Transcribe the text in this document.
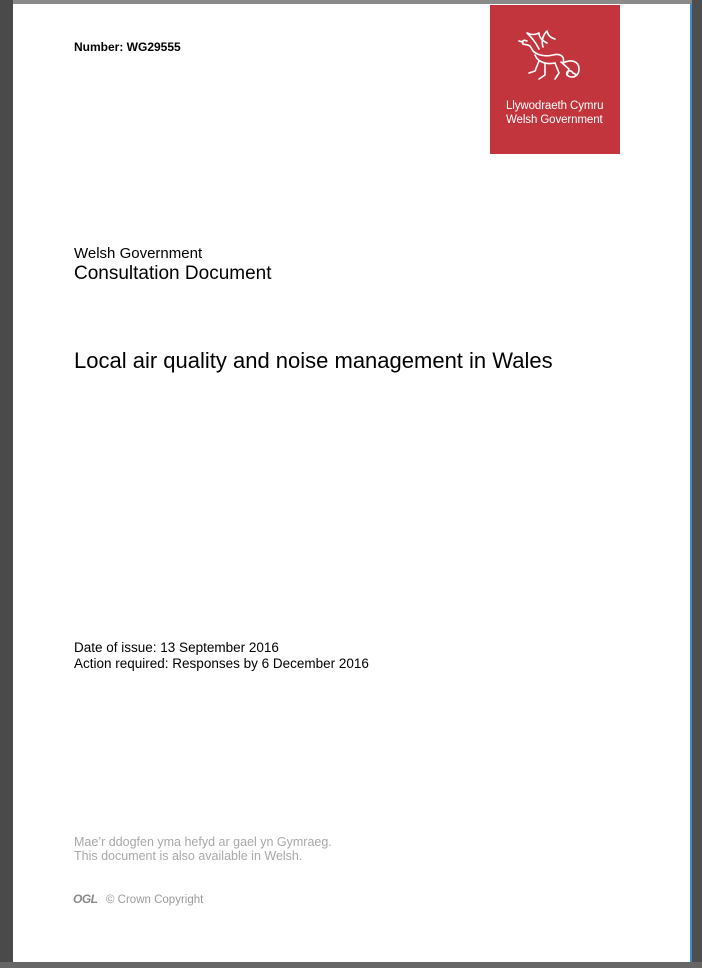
Number: WG29555
Llywodraeth Cymru
Welsh Government
Welsh Government
Consultation Document
Local air quality and noise management in Wales
Date of issue: 13 September 2016
Action required: Responses by 6 December 2016
Mae’r ddogfen yma hefyd ar gael yn Gymraeg.
This document is also available in Welsh.
OGL © Crown Copyright
